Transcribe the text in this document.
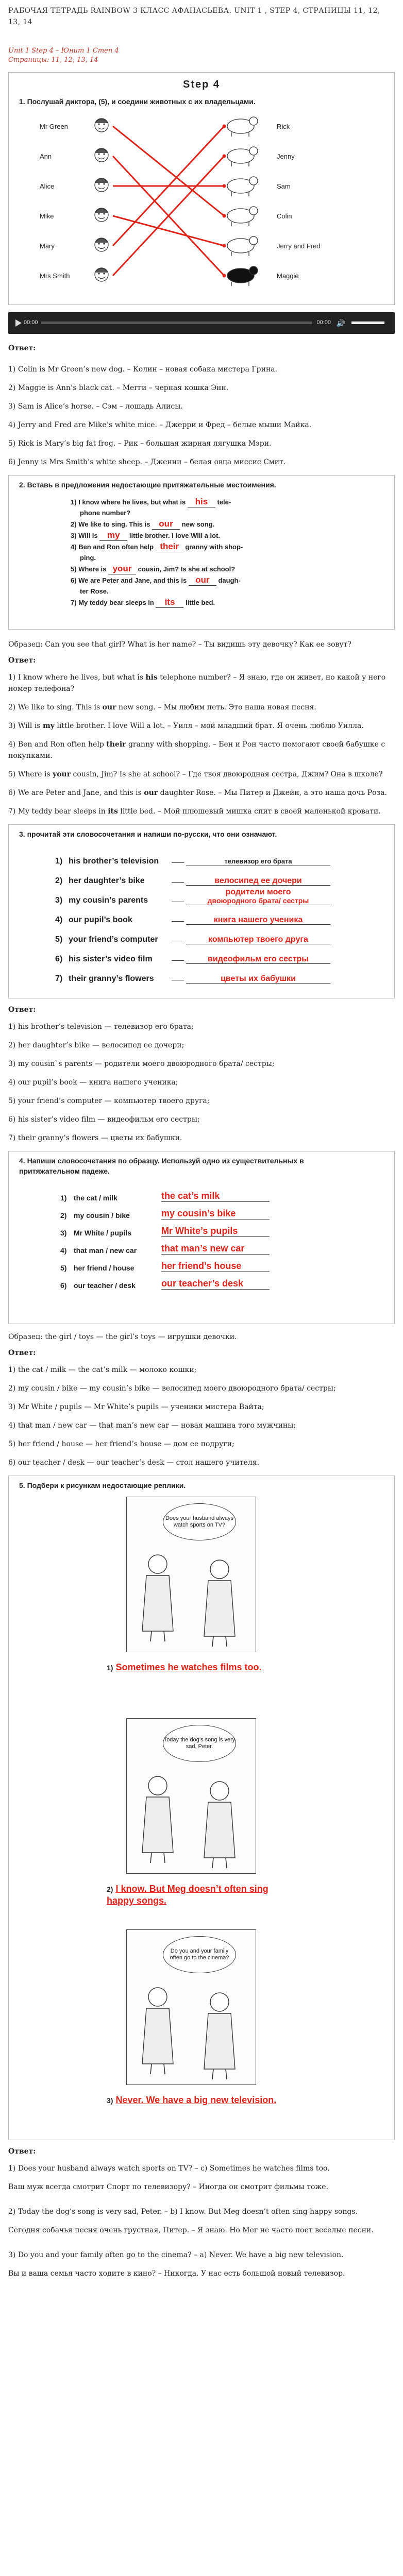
РАБОЧАЯ ТЕТРАДЬ RAINBOW 3 КЛАСС АФАНАСЬЕВА. UNIT 1 , STEP 4, СТРАНИЦЫ 11, 12, 13, 14
Unit 1 Step 4 – Юнит 1 Степ 4
Страницы: 11, 12, 13, 14
Step 4
1. Послушай диктора, (5), и соедини животных с их владельцами.
Mr Green
Ann
Alice
Mike
Mary
Mrs Smith
Rick
Jenny
Sam
Colin
Jerry and Fred
Maggie
00:00	00:00 🔊

Ответ:

1) Colin is Mr Green’s new dog. – Колин – новая собака мистера Грина.

2) Maggie is Ann’s black cat. – Мегги – черная кошка Энн.

3) Sam is Alice’s horse. – Сэм – лошадь Алисы.

4) Jerry and Fred are Mike’s white mice. – Джерри и Фред – белые мыши Майка.

5) Rick is Mary’s big fat frog. – Рик – большая жирная лягушка Мэри.

6) Jenny is Mrs Smith’s white sheep. – Дженни – белая овца миссис Смит.

2. Вставь в предложения недостающие притяжательные местоимения.
1) I know where he lives, but what is his tele-
phone number?
2) We like to sing. This is our new song.
3) Will is my little brother. I love Will a lot.
4) Ben and Ron often help their granny with shop-
ping.
5) Where is your cousin, Jim? Is she at school?
6) We are Peter and Jane, and this is our daugh-
ter Rose.
7) My teddy bear sleeps in its little bed.

Образец: Can you see that girl? What is her name? – Ты видишь эту девочку? Как ее зовут?

Ответ:

1) I know where he lives, but what is his telephone number? – Я знаю, где он живет, но какой у него номер телефона?

2) We like to sing. This is our new song. – Мы любим петь. Это наша новая песня.

3) Will is my little brother. I love Will a lot. – Уилл – мой младший брат. Я очень люблю Уилла.

4) Ben and Ron often help their granny with shopping. – Бен и Рон часто помогают своей бабушке с покупками.

5) Where is your cousin, Jim? Is she at school? – Где твоя двоюродная сестра, Джим? Она в школе?

6) We are Peter and Jane, and this is our daughter Rose. – Мы Питер и Джейн, а это наша дочь Роза.

7) My teddy bear sleeps in its little bed. – Мой плюшевый мишка спит в своей маленькой кровати.

3. прочитай эти словосочетания и напиши по-русски, что они означают.
1) his brother’s television	телевизор его брата
2) her daughter’s bike	велосипед ее дочери
3) my cousin’s parents
родители моего
двоюродного брата/ сестры
4) our pupil’s book	книга нашего ученика
5) your friend’s computer	компьютер твоего друга
6) his sister’s video film	видеофильм его сестры
7) their granny’s flowers	цветы их бабушки

Ответ:

1) his brother’s television — телевизор его брата;

2) her daughter’s bike — велосипед ее дочери;

3) my cousin`s parents — родители моего двоюродного брата/ сестры;

4) our pupil’s book — книга нашего ученика;

5) your friend’s computer — компьютер твоего друга;

6) his sister’s video film — видеофильм его сестры;

7) their granny’s flowers — цветы их бабушки.

4. Напиши словосочетания по образцу. Используй одно из существительных в притяжательном падеже.
1) the cat / milk	the cat’s milk
2) my cousin / bike	my cousin’s bike
3) Mr White / pupils	Mr White’s pupils
4) that man / new car	that man’s new car
5) her friend / house	her friend’s house
6) our teacher / desk	our teacher’s desk

Образец: the girl / toys — the girl’s toys — игрушки девочки.

Ответ:

1) the cat / milk — the cat’s milk — молоко кошки;

2) my cousin / bike — my cousin’s bike — велосипед моего двоюродного брата/ сестры;

3) Mr White / pupils — Mr White’s pupils — ученики мистера Вайта;

4) that man / new car — that man’s new car — новая машина того мужчины;

5) her friend / house — her friend’s house — дом ее подруги;

6) our teacher / desk — our teacher’s desk — стол нашего учителя.

5. Подбери к рисункам недостающие реплики.
Does your husband always watch sports on TV?
1) Sometimes he watches films too.
Today the dog’s song is very sad, Peter.
2) I know. But Meg doesn’t often sing happy songs.
Do you and your family often go to the cinema?
3) Never. We have a big new television.

Ответ:

1) Does your husband always watch sports on TV? – c) Sometimes he watches films too.

Ваш муж всегда смотрит Спорт по телевизору? – Иногда он смотрит фильмы тоже.

2) Today the dog’s song is very sad, Peter. – b) I know. But Meg doesn’t often sing happy songs.

Сегодня собачья песня очень грустная, Питер. – Я знаю. Но Мег не часто поет веселые песни.

3) Do you and your family often go to the cinema? – a) Never. We have a big new television.

Вы и ваша семья часто ходите в кино? – Никогда. У нас есть большой новый телевизор.
